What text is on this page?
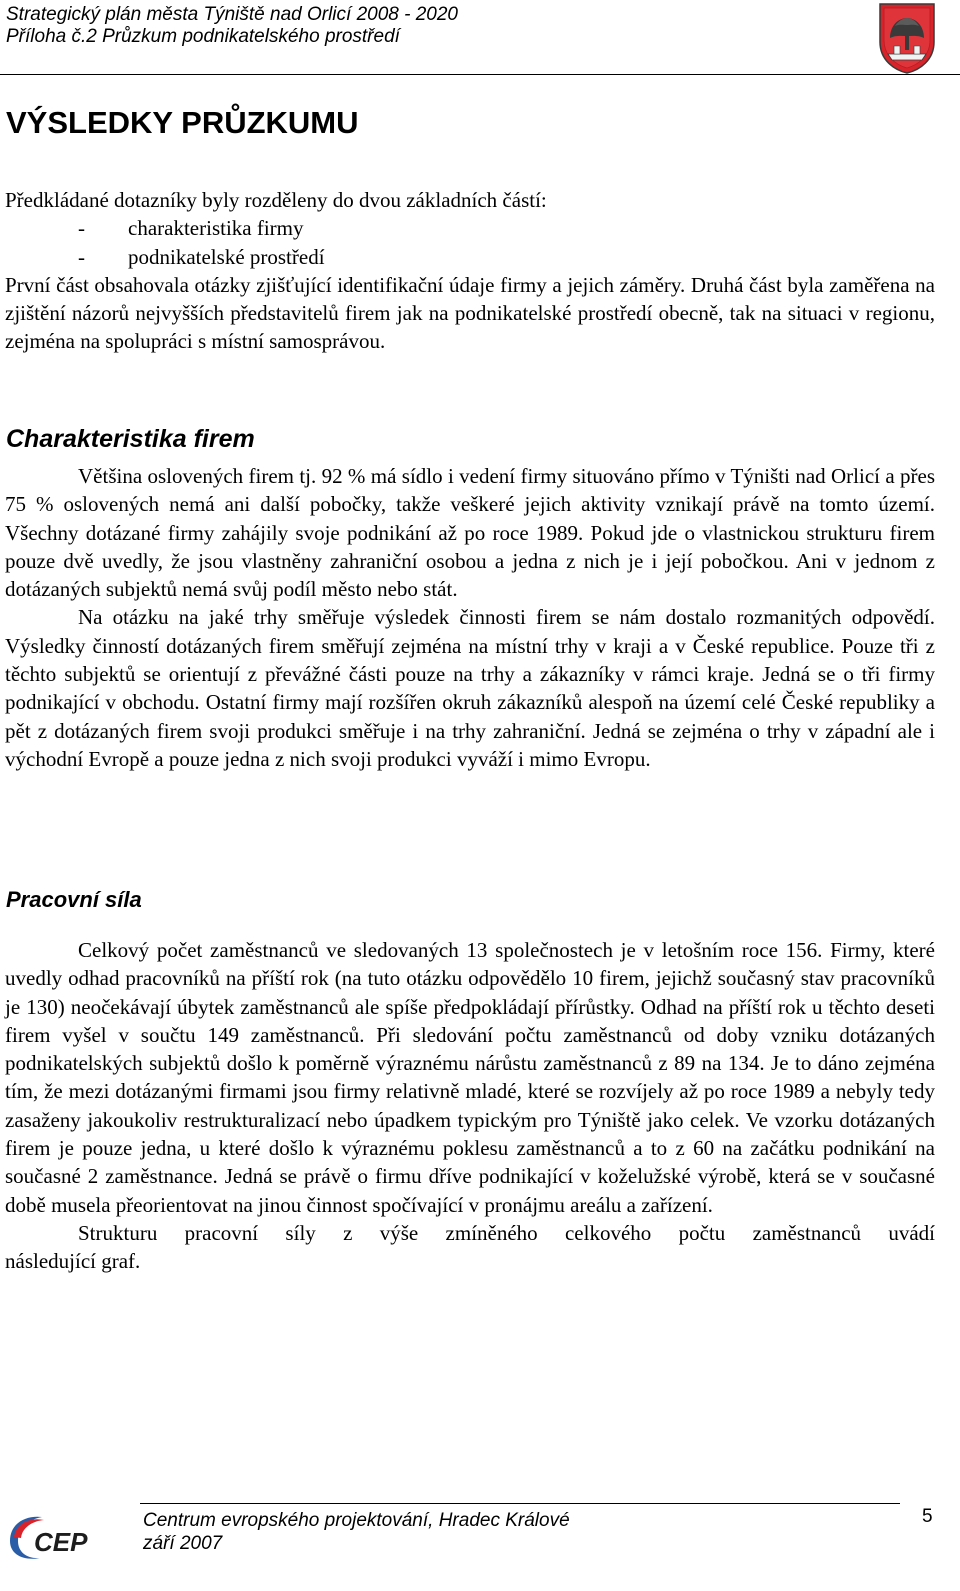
Strategický plán města Týniště nad Orlicí 2008 - 2020
Příloha č.2 Průzkum podnikatelského prostředí
VÝSLEDKY PRŮZKUMU
Předkládané dotazníky byly rozděleny do dvou základních částí:
- charakteristika firmy
- podnikatelské prostředí
První část obsahovala otázky zjišťující identifikační údaje firmy a jejich záměry. Druhá část byla zaměřena na zjištění názorů nejvyšších představitelů firem jak na podnikatelské prostředí obecně, tak na situaci v regionu, zejména na spolupráci s místní samosprávou.
Charakteristika firem
Většina oslovených firem tj. 92 % má sídlo i vedení firmy situováno přímo v Týništi nad Orlicí a přes 75 % oslovených nemá ani další pobočky, takže veškeré jejich aktivity vznikají právě na tomto území. Všechny dotázané firmy zahájily svoje podnikání až po roce 1989. Pokud jde o vlastnickou strukturu firem pouze dvě uvedly, že jsou vlastněny zahraniční osobou a jedna z nich je i její pobočkou. Ani v jednom z dotázaných subjektů nemá svůj podíl město nebo stát.
Na otázku na jaké trhy směřuje výsledek činnosti firem se nám dostalo rozmanitých odpovědí. Výsledky činností dotázaných firem směřují zejména na místní trhy v kraji a v České republice. Pouze tři z těchto subjektů se orientují z převážné části pouze na trhy a zákazníky v rámci kraje. Jedná se o tři firmy podnikající v obchodu. Ostatní firmy mají rozšířen okruh zákazníků alespoň na území celé České republiky a pět z dotázaných firem svoji produkci směřuje i na trhy zahraniční. Jedná se zejména o trhy v západní ale i východní Evropě a pouze jedna z nich svoji produkci vyváží i mimo Evropu.
Pracovní síla
Celkový počet zaměstnanců ve sledovaných 13 společnostech je v letošním roce 156. Firmy, které uvedly odhad pracovníků na příští rok (na tuto otázku odpovědělo 10 firem, jejichž současný stav pracovníků je 130) neočekávají úbytek zaměstnanců ale spíše předpokládají přírůstky. Odhad na příští rok u těchto deseti firem vyšel v součtu 149 zaměstnanců. Při sledování počtu zaměstnanců od doby vzniku dotázaných podnikatelských subjektů došlo k poměrně výraznému nárůstu zaměstnanců z 89 na 134. Je to dáno zejména tím, že mezi dotázanými firmami jsou firmy relativně mladé, které se rozvíjely až po roce 1989 a nebyly tedy zasaženy jakoukoliv restrukturalizací nebo úpadkem typickým pro Týniště jako celek. Ve vzorku dotázaných firem je pouze jedna, u které došlo k výraznému poklesu zaměstnanců a to z 60 na začátku podnikání na současné 2 zaměstnance. Jedná se právě o firmu dříve podnikající v koželužské výrobě, která se v současné době musela přeorientovat na jinou činnost spočívající v pronájmu areálu a zařízení.
Strukturu pracovní síly z výše zmíněného celkového počtu zaměstnanců uvádí
následující graf.
CEP
Centrum evropského projektování, Hradec Králové
září 2007
5
